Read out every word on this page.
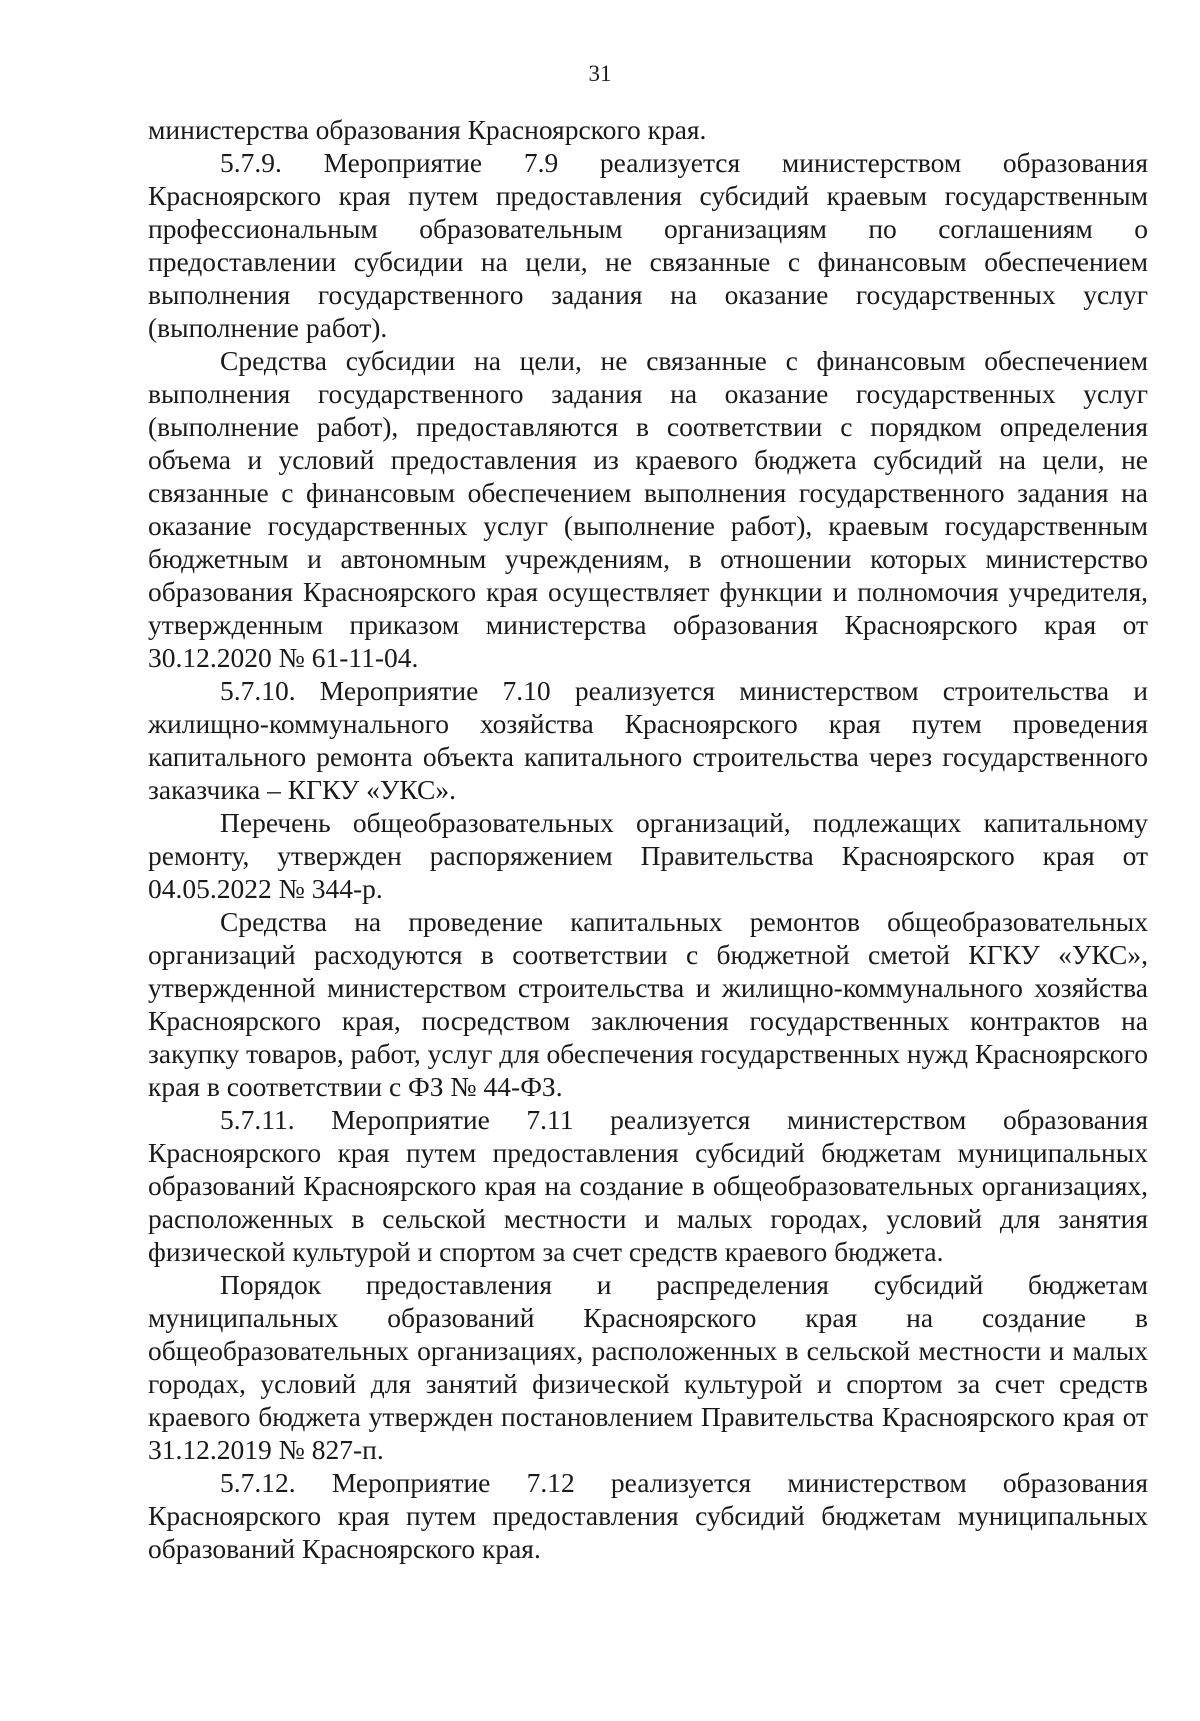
31

министерства образования Красноярского края.

5.7.9. Мероприятие 7.9 реализуется министерством образования Красноярского края путем предоставления субсидий краевым государственным профессиональным образовательным организациям по соглашениям о предоставлении субсидии на цели, не связанные с финансовым обеспечением выполнения государственного задания на оказание государственных услуг (выполнение работ).

Средства субсидии на цели, не связанные с финансовым обеспечением выполнения государственного задания на оказание государственных услуг (выполнение работ), предоставляются в соответствии с порядком определения объема и условий предоставления из краевого бюджета субсидий на цели, не связанные с финансовым обеспечением выполнения государственного задания на оказание государственных услуг (выполнение работ), краевым государственным бюджетным и автономным учреждениям, в отношении которых министерство образования Красноярского края осуществляет функции и полномочия учредителя, утвержденным приказом министерства образования Красноярского края от 30.12.2020 № 61-11-04.

5.7.10. Мероприятие 7.10 реализуется министерством строительства и жилищно-коммунального хозяйства Красноярского края путем проведения капитального ремонта объекта капитального строительства через государственного заказчика – КГКУ «УКС».

Перечень общеобразовательных организаций, подлежащих капитальному ремонту, утвержден распоряжением Правительства Красноярского края от 04.05.2022 № 344-р.

Средства на проведение капитальных ремонтов общеобразовательных организаций расходуются в соответствии с бюджетной сметой КГКУ «УКС», утвержденной министерством строительства и жилищно-коммунального хозяйства Красноярского края, посредством заключения государственных контрактов на закупку товаров, работ, услуг для обеспечения государственных нужд Красноярского края в соответствии с ФЗ № 44-ФЗ.

5.7.11. Мероприятие 7.11 реализуется министерством образования Красноярского края путем предоставления субсидий бюджетам муниципальных образований Красноярского края на создание в общеобразовательных организациях, расположенных в сельской местности и малых городах, условий для занятия физической культурой и спортом за счет средств краевого бюджета.

Порядок предоставления и распределения субсидий бюджетам муниципальных образований Красноярского края на создание в общеобразовательных организациях, расположенных в сельской местности и малых городах, условий для занятий физической культурой и спортом за счет средств краевого бюджета утвержден постановлением Правительства Красноярского края от 31.12.2019 № 827-п.

5.7.12. Мероприятие 7.12 реализуется министерством образования Красноярского края путем предоставления субсидий бюджетам муниципальных образований Красноярского края.
